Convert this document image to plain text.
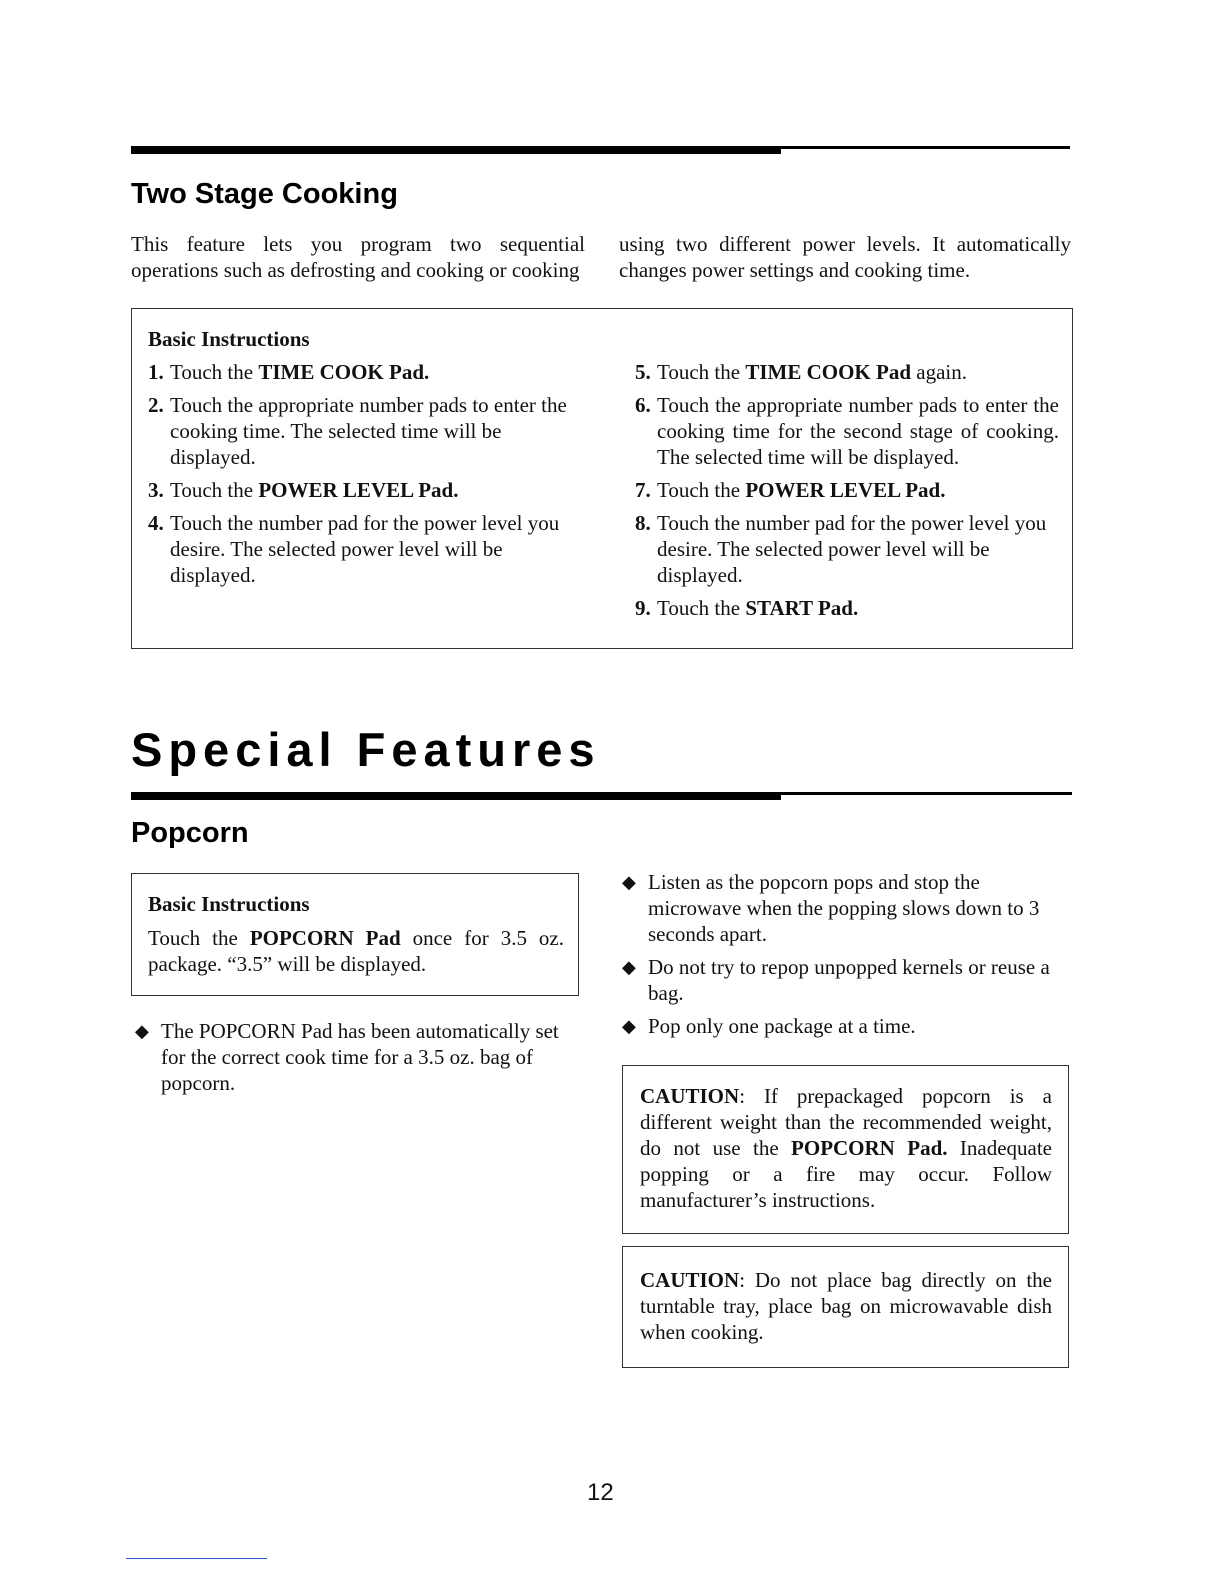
Two Stage Cooking
This feature lets you program two sequential operations such as defrosting and cooking or cooking
using two different power levels. It automatically changes power settings and cooking time.
Basic Instructions
1. Touch the TIME COOK Pad.
2. Touch the appropriate number pads to enter the cooking time. The selected time will be displayed.
3. Touch the POWER LEVEL Pad.
4. Touch the number pad for the power level you desire. The selected power level will be displayed.
5. Touch the TIME COOK Pad again.
6. Touch the appropriate number pads to enter the cooking time for the second stage of cooking. The selected time will be displayed.
7. Touch the POWER LEVEL Pad.
8. Touch the number pad for the power level you desire. The selected power level will be displayed.
9. Touch the START Pad.
Special Features
Popcorn
Basic Instructions
Touch the POPCORN Pad once for 3.5 oz. package. “3.5” will be displayed.
◆ The POPCORN Pad has been automatically set for the correct cook time for a 3.5 oz. bag of popcorn.
◆ Listen as the popcorn pops and stop the microwave when the popping slows down to 3 seconds apart.
◆ Do not try to repop unpopped kernels or reuse a bag.
◆ Pop only one package at a time.
CAUTION: If prepackaged popcorn is a different weight than the recommended weight, do not use the POPCORN Pad. Inadequate popping or a fire may occur. Follow manufacturer’s instructions.
CAUTION: Do not place bag directly on the turntable tray, place bag on microwavable dish when cooking.
12
